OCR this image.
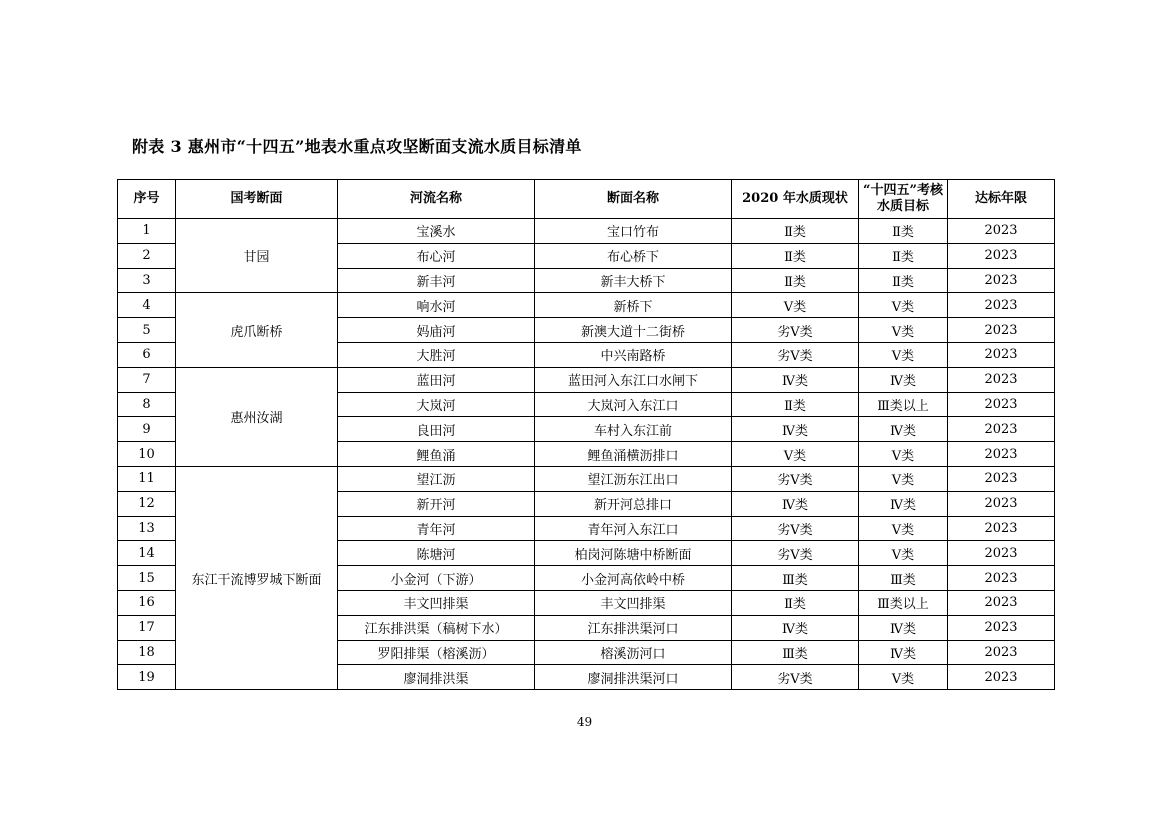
附表 3 惠州市“十四五”地表水重点攻坚断面支流水质目标清单
序号	国考断面	河流名称	断面名称	2020 年水质现状	“十四五”考核水质目标	达标年限
1	甘园	宝溪水	宝口竹布	Ⅱ类	Ⅱ类	2023
2		布心河	布心桥下	Ⅱ类	Ⅱ类	2023
3		新丰河	新丰大桥下	Ⅱ类	Ⅱ类	2023
4	虎爪断桥	响水河	新桥下	Ⅴ类	Ⅴ类	2023
5		妈庙河	新澳大道十二街桥	劣Ⅴ类	Ⅴ类	2023
6		大胜河	中兴南路桥	劣Ⅴ类	Ⅴ类	2023
7	惠州汝湖	蓝田河	蓝田河入东江口水闸下	Ⅳ类	Ⅳ类	2023
8		大岚河	大岚河入东江口	Ⅱ类	Ⅲ类以上	2023
9		良田河	车村入东江前	Ⅳ类	Ⅳ类	2023
10		鲤鱼涌	鲤鱼涌横沥排口	Ⅴ类	Ⅴ类	2023
11	东江干流博罗城下断面	望江沥	望江沥东江出口	劣Ⅴ类	Ⅴ类	2023
12		新开河	新开河总排口	Ⅳ类	Ⅳ类	2023
13		青年河	青年河入东江口	劣Ⅴ类	Ⅴ类	2023
14		陈塘河	柏岗河陈塘中桥断面	劣Ⅴ类	Ⅴ类	2023
15		小金河（下游）	小金河高依岭中桥	Ⅲ类	Ⅲ类	2023
16		丰文凹排渠	丰文凹排渠	Ⅱ类	Ⅲ类以上	2023
17		江东排洪渠（稿树下水）	江东排洪渠河口	Ⅳ类	Ⅳ类	2023
18		罗阳排渠（榕溪沥）	榕溪沥河口	Ⅲ类	Ⅳ类	2023
19		廖洞排洪渠	廖洞排洪渠河口	劣Ⅴ类	Ⅴ类	2023
49
